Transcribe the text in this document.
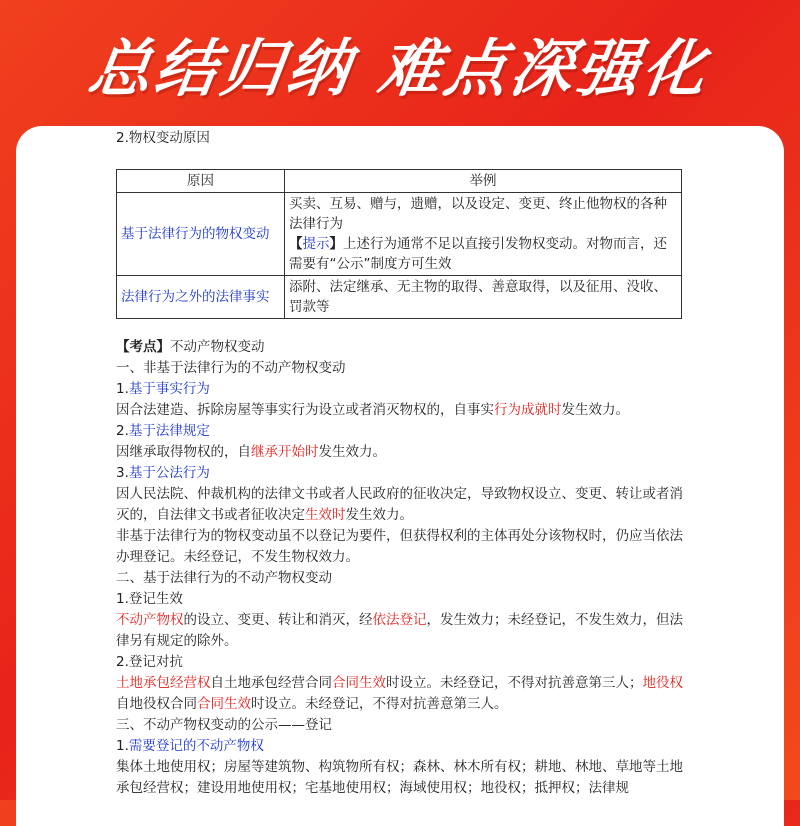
总结归纳 难点深强化

2.物权变动原因

原因	举例
基于法律行为的物权变动	买卖、互易、赠与，遗赠，以及设定、变更、终止他物权的各种法律行为
【提示】上述行为通常不足以直接引发物权变动。对物而言，还需要有“公示”制度方可生效
法律行为之外的法律事实	添附、法定继承、无主物的取得、善意取得，以及征用、没收、罚款等

【考点】不动产物权变动

一、非基于法律行为的不动产物权变动

1.基于事实行为

因合法建造、拆除房屋等事实行为设立或者消灭物权的，自事实行为成就时发生效力。

2.基于法律规定

因继承取得物权的，自继承开始时发生效力。

3.基于公法行为

因人民法院、仲裁机构的法律文书或者人民政府的征收决定，导致物权设立、变更、转让或者消灭的，自法律文书或者征收决定生效时发生效力。

非基于法律行为的物权变动虽不以登记为要件，但获得权利的主体再处分该物权时，仍应当依法办理登记。未经登记，不发生物权效力。

二、基于法律行为的不动产物权变动

1.登记生效

不动产物权的设立、变更、转让和消灭，经依法登记，发生效力；未经登记，不发生效力，但法律另有规定的除外。

2.登记对抗

土地承包经营权自土地承包经营合同合同生效时设立。未经登记，不得对抗善意第三人；地役权自地役权合同合同生效时设立。未经登记，不得对抗善意第三人。

三、不动产物权变动的公示——登记

1.需要登记的不动产物权

集体土地使用权；房屋等建筑物、构筑物所有权；森林、林木所有权；耕地、林地、草地等土地承包经营权；建设用地使用权；宅基地使用权；海域使用权；地役权；抵押权；法律规
